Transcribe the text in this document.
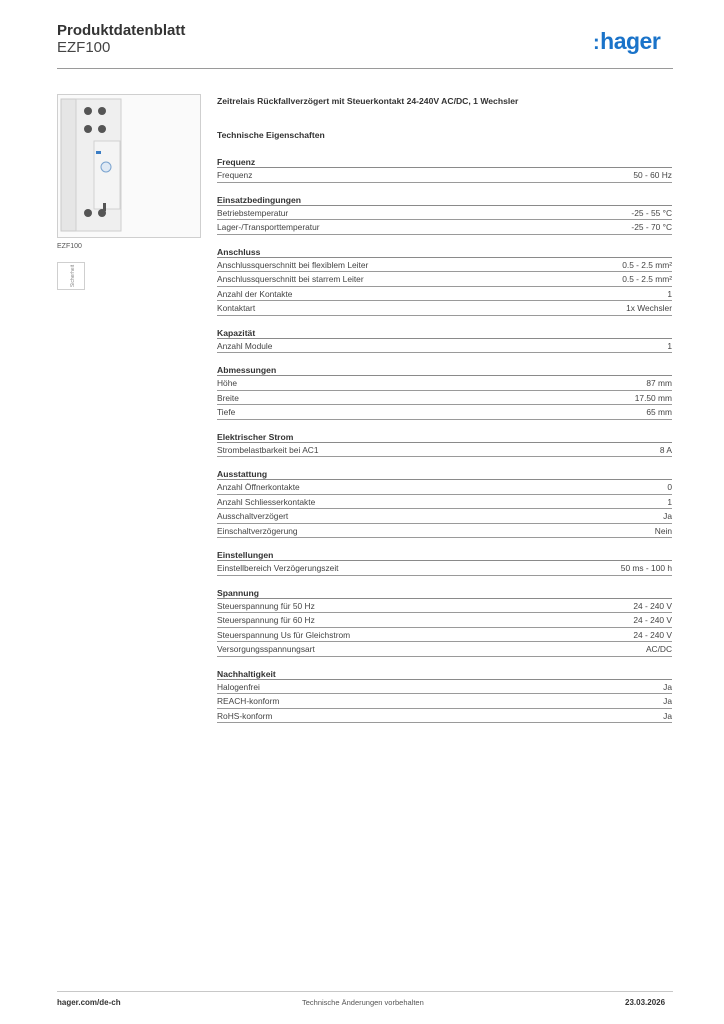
Produktdatenblatt
EZF100	:hager
EZF100
Sicherheit
Zeitrelais Rückfallverzögert mit Steuerkontakt 24-240V AC/DC, 1 Wechsler
Technische Eigenschaften
Frequenz
Frequenz	50 - 60 Hz
Einsatzbedingungen
Betriebstemperatur	-25 - 55 °C
Lager-/Transporttemperatur	-25 - 70 °C
Anschluss
Anschlussquerschnitt bei flexiblem Leiter	0.5 - 2.5 mm²
Anschlussquerschnitt bei starrem Leiter	0.5 - 2.5 mm²
Anzahl der Kontakte	1
Kontaktart	1x Wechsler
Kapazität
Anzahl Module	1
Abmessungen
Höhe	87 mm
Breite	17.50 mm
Tiefe	65 mm
Elektrischer Strom
Strombelastbarkeit bei AC1	8 A
Ausstattung
Anzahl Öffnerkontakte	0
Anzahl Schliesserkontakte	1
Ausschaltverzögert	Ja
Einschaltverzögerung	Nein
Einstellungen
Einstellbereich Verzögerungszeit	50 ms - 100 h
Spannung
Steuerspannung für 50 Hz	24 - 240 V
Steuerspannung für 60 Hz	24 - 240 V
Steuerspannung Us für Gleichstrom	24 - 240 V
Versorgungsspannungsart	AC/DC
Nachhaltigkeit
Halogenfrei	Ja
REACH-konform	Ja
RoHS-konform	Ja
hager.com/de-ch	Technische Änderungen vorbehalten	23.03.2026
